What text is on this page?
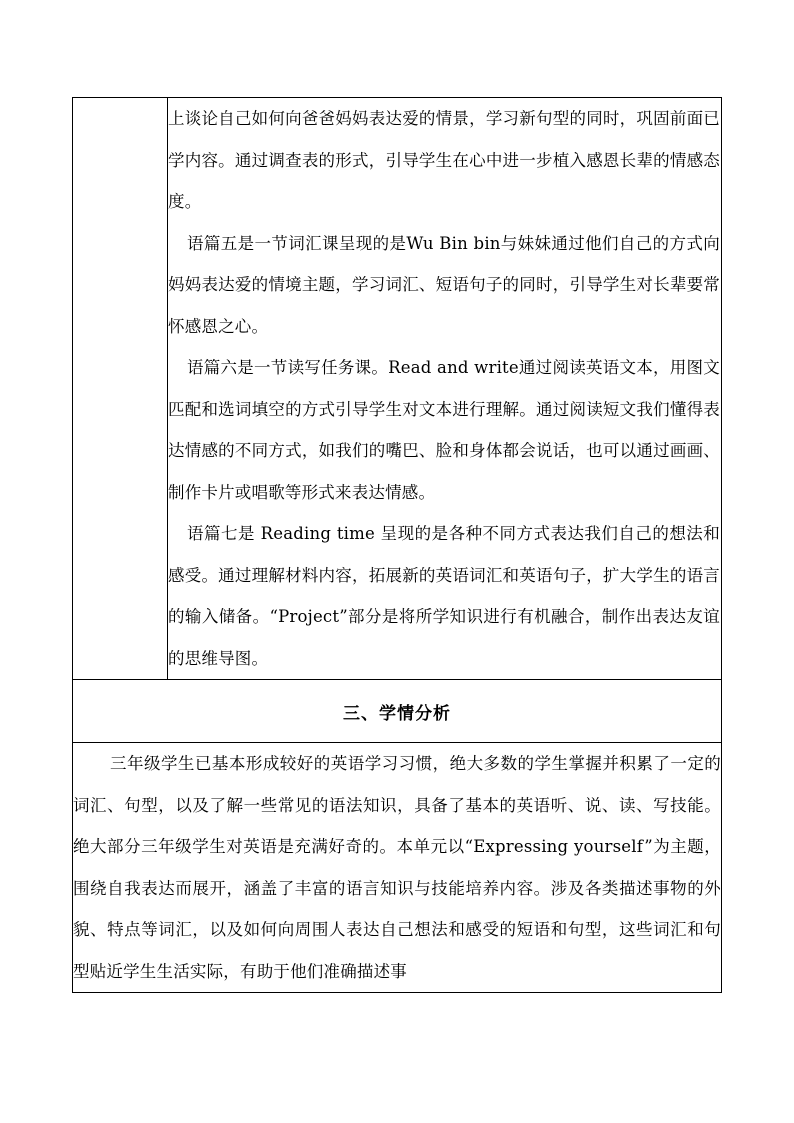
上谈论自己如何向爸爸妈妈表达爱的情景，学习新句型的同时，巩固前面已学内容。通过调查表的形式，引导学生在心中进一步植入感恩长辈的情感态度。

语篇五是一节词汇课呈现的是Wu Bin bin与妹妹通过他们自己的方式向妈妈表达爱的情境主题，学习词汇、短语句子的同时，引导学生对长辈要常怀感恩之心。

语篇六是一节读写任务课。Read and write通过阅读英语文本，用图文匹配和选词填空的方式引导学生对文本进行理解。通过阅读短文我们懂得表达情感的不同方式，如我们的嘴巴、脸和身体都会说话，也可以通过画画、制作卡片或唱歌等形式来表达情感。

语篇七是 Reading time 呈现的是各种不同方式表达我们自己的想法和感受。通过理解材料内容，拓展新的英语词汇和英语句子，扩大学生的语言的输入储备。“Project”部分是将所学知识进行有机融合，制作出表达友谊的思维导图。

三、学情分析

三年级学生已基本形成较好的英语学习习惯，绝大多数的学生掌握并积累了一定的词汇、句型，以及了解一些常见的语法知识，具备了基本的英语听、说、读、写技能。绝大部分三年级学生对英语是充满好奇的。本单元以“Expressing yourself”为主题，围绕自我表达而展开，涵盖了丰富的语言知识与技能培养内容。涉及各类描述事物的外貌、特点等词汇，以及如何向周围人表达自己想法和感受的短语和句型，这些词汇和句型贴近学生生活实际，有助于他们准确描述事
